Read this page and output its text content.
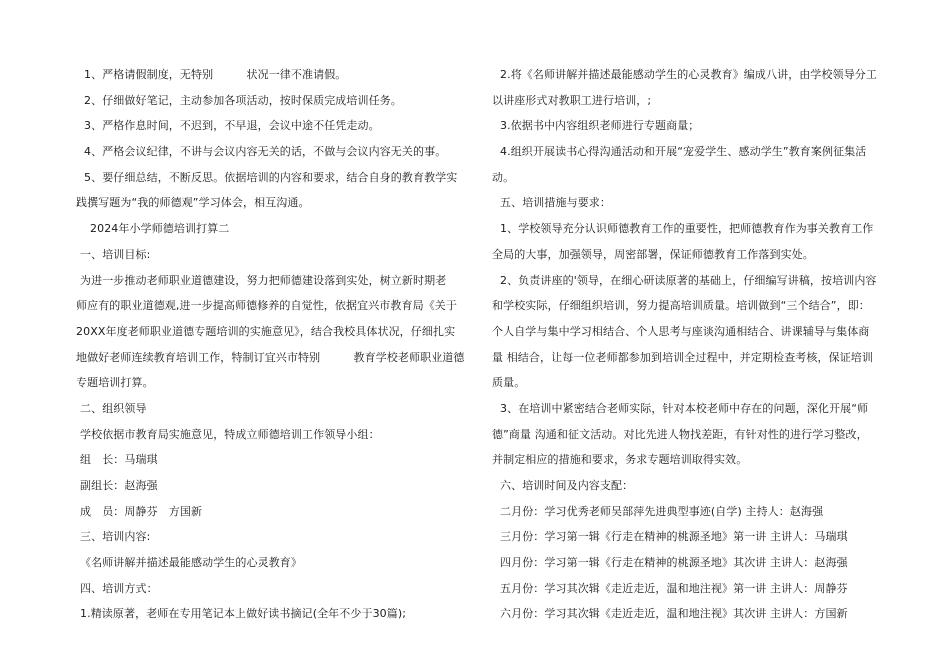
1、严格请假制度，无特别　　　状况一律不准请假。
2、仔细做好笔记，主动参加各项活动，按时保质完成培训任务。
3、严格作息时间，不迟到，不早退，会议中途不任凭走动。
4、严格会议纪律，不讲与会议内容无关的话，不做与会议内容无关的事。
5、要仔细总结，不断反思。依据培训的内容和要求，结合自身的教育教学实
践撰写题为“我的师德观”学习体会，相互沟通。
2024年小学师德培训打算二
一、培训目标:
为进一步推动老师职业道德建设，努力把师德建设落到实处，树立新时期老
师应有的职业道德观,进一步提高师德修养的自觉性，依据宜兴市教育局《关于
20XX年度老师职业道德专题培训的实施意见》，结合我校具体状况，仔细扎实
地做好老师连续教育培训工作，特制订宜兴市特别　　　教育学校老师职业道德
专题培训打算。
二、组织领导
学校依据市教育局实施意见，特成立师德培训工作领导小组：
组　长：马瑞琪
副组长：赵海强
成　员：周静芬　方国新
三、培训内容:
《名师讲解并描述最能感动学生的心灵教育》
四、培训方式：
1.精读原著，老师在专用笔记本上做好读书摘记(全年不少于30篇);
2.将《名师讲解并描述最能感动学生的心灵教育》编成八讲，由学校领导分工
以讲座形式对教职工进行培训，;
3.依据书中内容组织老师进行专题商量；
4.组织开展读书心得沟通活动和开展“宠爱学生、感动学生”教育案例征集活
动。
五、培训措施与要求：
1、学校领导充分认识师德教育工作的重要性，把师德教育作为事关教育工作
全局的大事，加强领导，周密部署，保证师德教育工作落到实处。
2、负责讲座的'领导，在细心研读原著的基础上，仔细编写讲稿，按培训内容
和学校实际，仔细组织培训，努力提高培训质量。培训做到“三个结合”，即：
个人自学与集中学习相结合、个人思考与座谈沟通相结合、讲课辅导与集体商
量 相结合，让每一位老师都参加到培训全过程中，并定期检查考核，保证培训
质量。
3、在培训中紧密结合老师实际，针对本校老师中存在的问题，深化开展“师
德”商量 沟通和征文活动。对比先进人物找差距，有针对性的进行学习整改，
并制定相应的措施和要求，务求专题培训取得实效。
六、培训时间及内容支配：
二月份：学习优秀老师吴部萍先进典型事迹(自学) 主持人：赵海强
三月份：学习第一辑《行走在精神的桃源圣地》第一讲 主讲人：马瑞琪
四月份：学习第一辑《行走在精神的桃源圣地》其次讲 主讲人：赵海强
五月份：学习其次辑《走近走近，温和地注视》第一讲 主讲人：周静芬
六月份：学习其次辑《走近走近，温和地注视》其次讲 主讲人：方国新
